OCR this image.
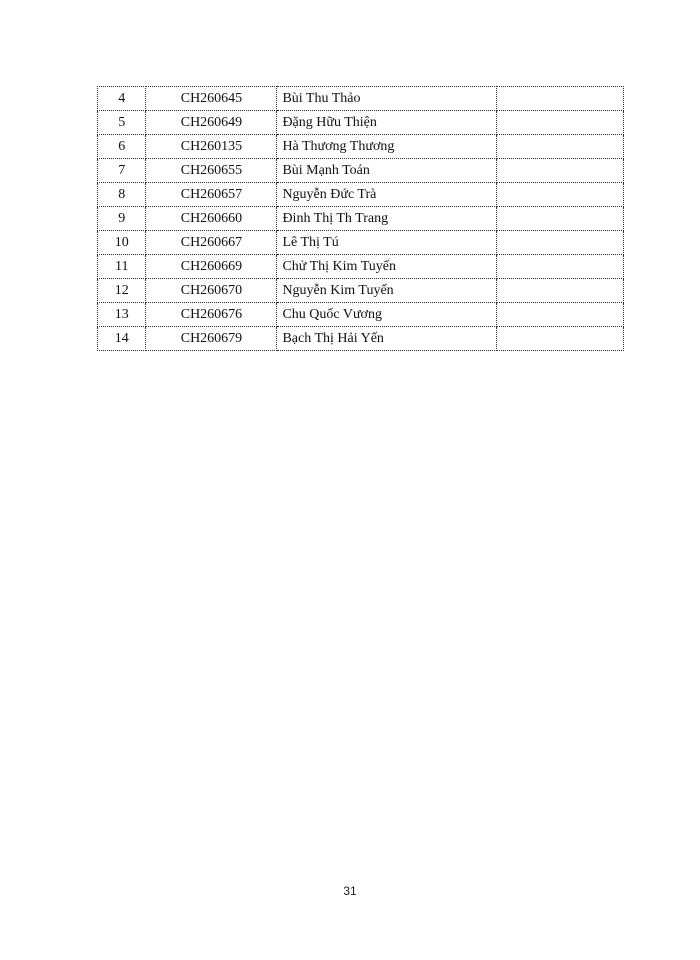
4	CH260645	Bùi Thu Thảo	
5	CH260649	Đặng Hữu Thiện	
6	CH260135	Hà Thương Thương	
7	CH260655	Bùi Mạnh Toán	
8	CH260657	Nguyễn Đức Trà	
9	CH260660	Đinh Thị Th Trang	
10	CH260667	Lê Thị Tú	
11	CH260669	Chử Thị Kim Tuyến	
12	CH260670	Nguyễn Kim Tuyến	
13	CH260676	Chu Quốc Vương	
14	CH260679	Bạch Thị Hải Yến	
31
